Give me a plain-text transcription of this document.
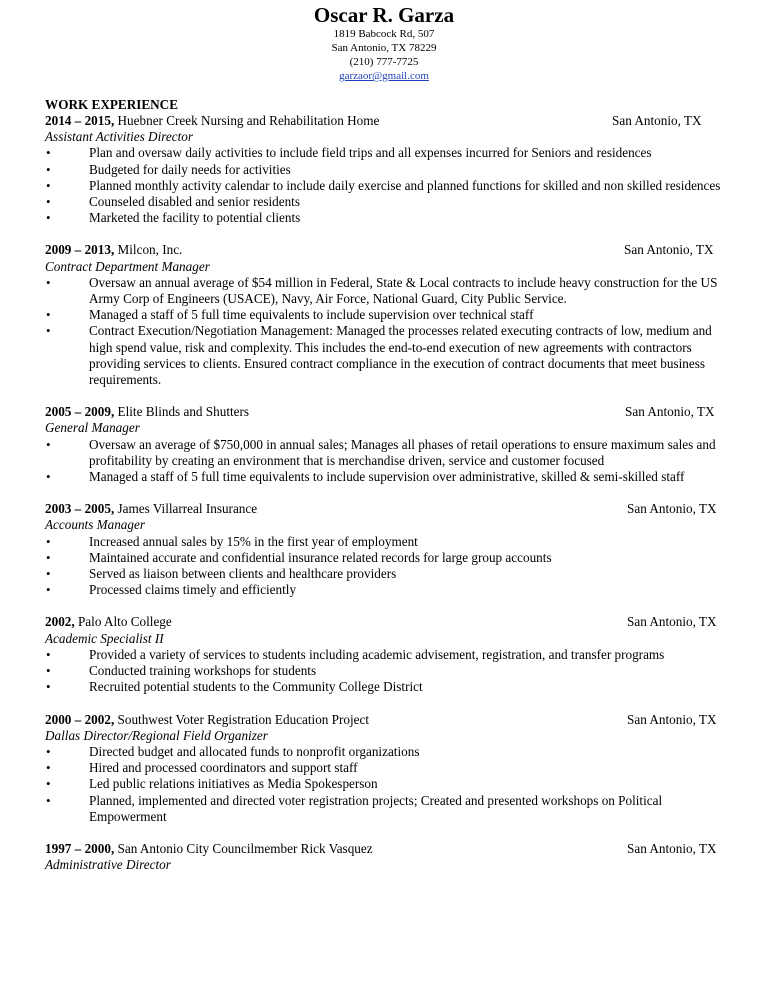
Oscar R. Garza
1819 Babcock Rd, 507
San Antonio, TX 78229
(210) 777-7725
garzaor@gmail.com
WORK EXPERIENCE
2014 – 2015, Huebner Creek Nursing and Rehabilitation Home	San Antonio, TX
Assistant Activities Director
•	Plan and oversaw daily activities to include field trips and all expenses incurred for Seniors and residences
•	Budgeted for daily needs for activities
•	Planned monthly activity calendar to include daily exercise and planned functions for skilled and non skilled residences
•	Counseled disabled and senior residents
•	Marketed the facility to potential clients
2009 – 2013, Milcon, Inc.	San Antonio, TX
Contract Department Manager
•	Oversaw an annual average of $54 million in Federal, State & Local contracts to include heavy construction for the US Army Corp of Engineers (USACE), Navy, Air Force, National Guard, City Public Service.
•	Managed a staff of 5 full time equivalents to include supervision over technical staff
•	Contract Execution/Negotiation Management: Managed the processes related executing contracts of low, medium and high spend value, risk and complexity. This includes the end-to-end execution of new agreements with contractors providing services to clients. Ensured contract compliance in the execution of contract documents that meet business requirements.
2005 – 2009, Elite Blinds and Shutters	San Antonio, TX
General Manager
•	Oversaw an average of $750,000 in annual sales; Manages all phases of retail operations to ensure maximum sales and profitability by creating an environment that is merchandise driven, service and customer focused
•	Managed a staff of 5 full time equivalents to include supervision over administrative, skilled & semi-skilled staff
2003 – 2005, James Villarreal Insurance	San Antonio, TX
Accounts Manager
•	Increased annual sales by 15% in the first year of employment
•	Maintained accurate and confidential insurance related records for large group accounts
•	Served as liaison between clients and healthcare providers
•	Processed claims timely and efficiently
2002, Palo Alto College	San Antonio, TX
Academic Specialist II
•	Provided a variety of services to students including academic advisement, registration, and transfer programs
•	Conducted training workshops for students
•	Recruited potential students to the Community College District
2000 – 2002, Southwest Voter Registration Education Project	San Antonio, TX
Dallas Director/Regional Field Organizer
•	Directed budget and allocated funds to nonprofit organizations
•	Hired and processed coordinators and support staff
•	Led public relations initiatives as Media Spokesperson
•	Planned, implemented and directed voter registration projects; Created and presented workshops on Political Empowerment
1997 – 2000, San Antonio City Councilmember Rick Vasquez	San Antonio, TX
Administrative Director
